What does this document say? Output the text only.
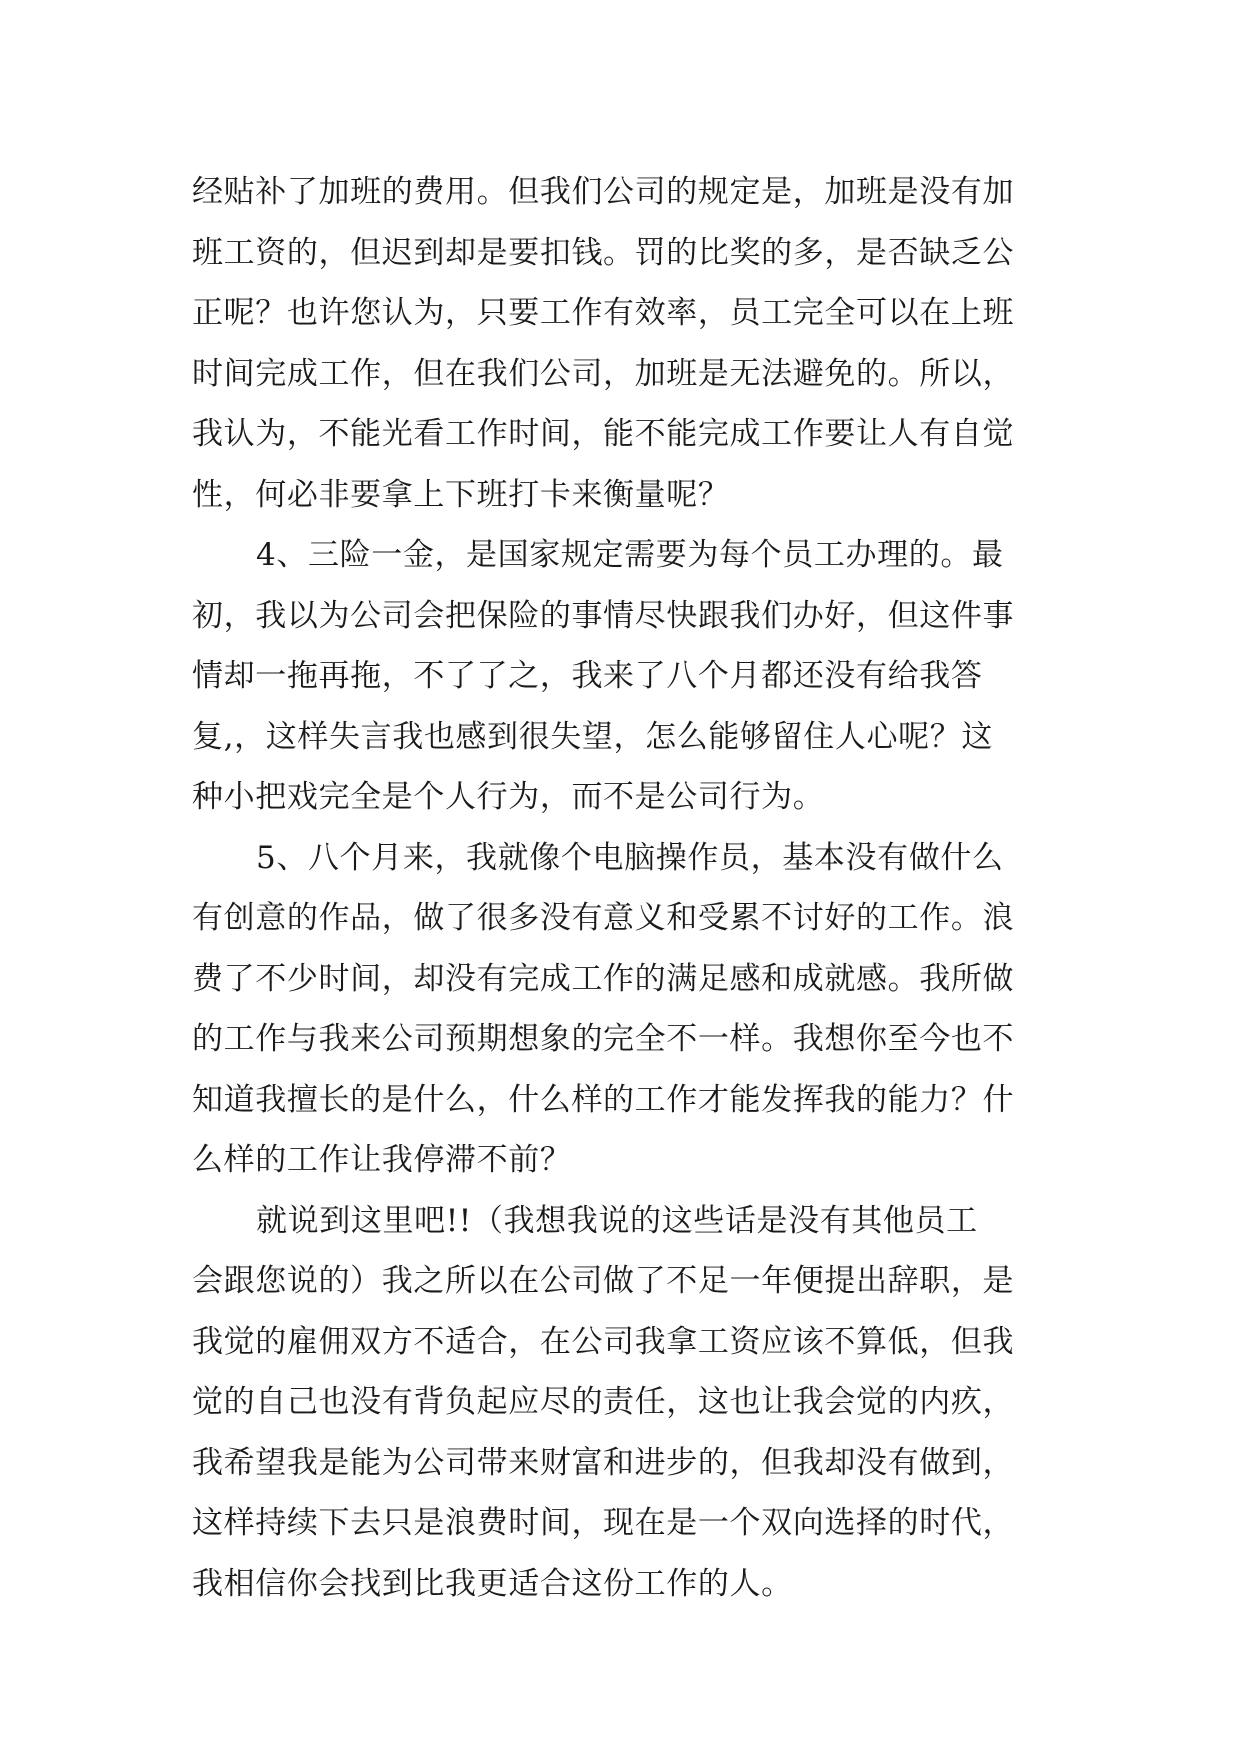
经贴补了加班的费用。但我们公司的规定是，加班是没有加
班工资的，但迟到却是要扣钱。罚的比奖的多，是否缺乏公
正呢？也许您认为，只要工作有效率，员工完全可以在上班
时间完成工作，但在我们公司，加班是无法避免的。所以，
我认为，不能光看工作时间，能不能完成工作要让人有自觉
性，何必非要拿上下班打卡来衡量呢？
4、三险一金，是国家规定需要为每个员工办理的。最
初，我以为公司会把保险的事情尽快跟我们办好，但这件事
情却一拖再拖，不了了之，我来了八个月都还没有给我答
复,，这样失言我也感到很失望，怎么能够留住人心呢？这
种小把戏完全是个人行为，而不是公司行为。
5、八个月来，我就像个电脑操作员，基本没有做什么
有创意的作品，做了很多没有意义和受累不讨好的工作。浪
费了不少时间，却没有完成工作的满足感和成就感。我所做
的工作与我来公司预期想象的完全不一样。我想你至今也不
知道我擅长的是什么，什么样的工作才能发挥我的能力？什
么样的工作让我停滞不前？
就说到这里吧!!（我想我说的这些话是没有其他员工
会跟您说的）我之所以在公司做了不足一年便提出辞职，是
我觉的雇佣双方不适合，在公司我拿工资应该不算低，但我
觉的自己也没有背负起应尽的责任，这也让我会觉的内疚，
我希望我是能为公司带来财富和进步的，但我却没有做到，
这样持续下去只是浪费时间，现在是一个双向选择的时代，
我相信你会找到比我更适合这份工作的人。
